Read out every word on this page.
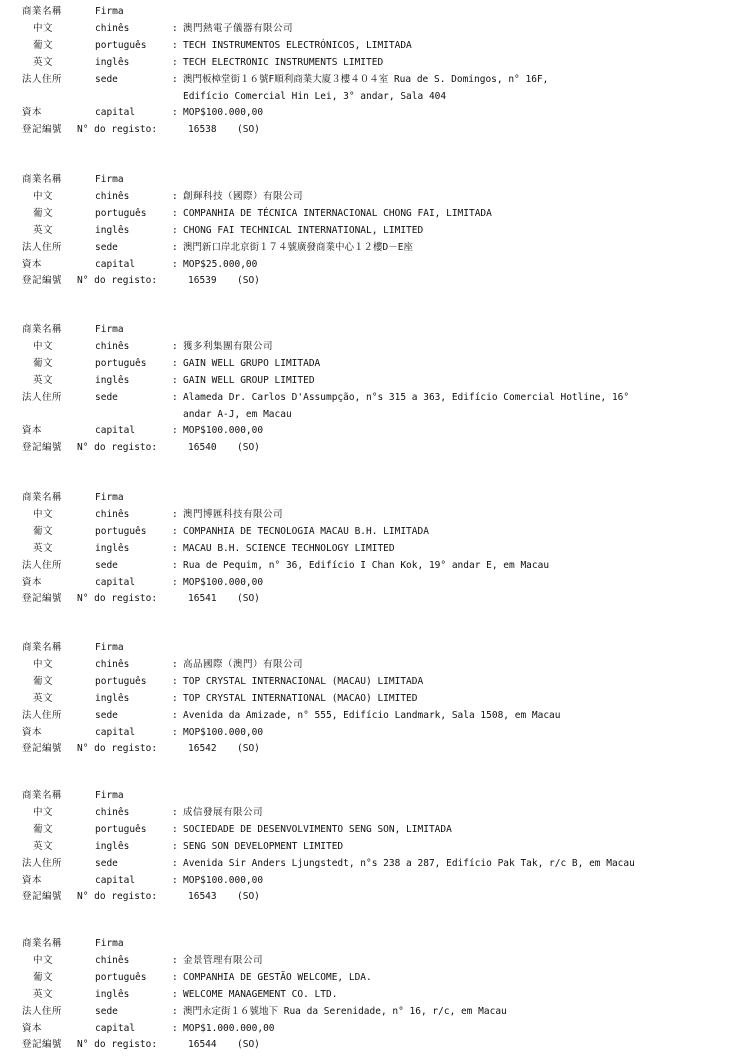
商業名稱	Firma
中文	chinês	: 澳門熱電子儀器有限公司
葡文	português	: TECH INSTRUMENTOS ELECTRÓNICOS, LIMITADA
英文	inglês	: TECH ELECTRONIC INSTRUMENTS LIMITED
法人住所	sede	: 澳門板樟堂街１６號F順利商業大廈３樓４０４室 Rua de S. Domingos, n° 16F,
Edifício Comercial Hin Lei, 3° andar, Sala 404
資本	capital	: MOP$100.000,00
登記編號 N° do registo:	16538 (SO)
商業名稱	Firma
中文	chinês	: 創輝科技（國際）有限公司
葡文	português	: COMPANHIA DE TÉCNICA INTERNACIONAL CHONG FAI, LIMITADA
英文	inglês	: CHONG FAI TECHNICAL INTERNATIONAL, LIMITED
法人住所	sede	: 澳門新口岸北京街１７４號廣發商業中心１２樓D－E座
資本	capital	: MOP$25.000,00
登記編號 N° do registo:	16539 (SO)
商業名稱	Firma
中文	chinês	: 獲多利集團有限公司
葡文	português	: GAIN WELL GRUPO LIMITADA
英文	inglês	: GAIN WELL GROUP LIMITED
法人住所	sede	: Alameda Dr. Carlos D'Assumpção, n°s 315 a 363, Edifício Comercial Hotline, 16°
andar A-J, em Macau
資本	capital	: MOP$100.000,00
登記編號 N° do registo:	16540 (SO)
商業名稱	Firma
中文	chinês	: 澳門博匯科技有限公司
葡文	português	: COMPANHIA DE TECNOLOGIA MACAU B.H. LIMITADA
英文	inglês	: MACAU B.H. SCIENCE TECHNOLOGY LIMITED
法人住所	sede	: Rua de Pequim, n° 36, Edifício I Chan Kok, 19° andar E, em Macau
資本	capital	: MOP$100.000,00
登記編號 N° do registo:	16541 (SO)
商業名稱	Firma
中文	chinês	: 高品國際（澳門）有限公司
葡文	português	: TOP CRYSTAL INTERNACIONAL (MACAU) LIMITADA
英文	inglês	: TOP CRYSTAL INTERNATIONAL (MACAO) LIMITED
法人住所	sede	: Avenida da Amizade, n° 555, Edifício Landmark, Sala 1508, em Macau
資本	capital	: MOP$100.000,00
登記編號 N° do registo:	16542 (SO)
商業名稱	Firma
中文	chinês	: 成信發展有限公司
葡文	português	: SOCIEDADE DE DESENVOLVIMENTO SENG SON, LIMITADA
英文	inglês	: SENG SON DEVELOPMENT LIMITED
法人住所	sede	: Avenida Sir Anders Ljungstedt, n°s 238 a 287, Edifício Pak Tak, r/c B, em Macau
資本	capital	: MOP$100.000,00
登記編號 N° do registo:	16543 (SO)
商業名稱	Firma
中文	chinês	: 金景管理有限公司
葡文	português	: COMPANHIA DE GESTÃO WELCOME, LDA.
英文	inglês	: WELCOME MANAGEMENT CO. LTD.
法人住所	sede	: 澳門永定街１６號地下 Rua da Serenidade, n° 16, r/c, em Macau
資本	capital	: MOP$1.000.000,00
登記編號 N° do registo:	16544 (SO)
